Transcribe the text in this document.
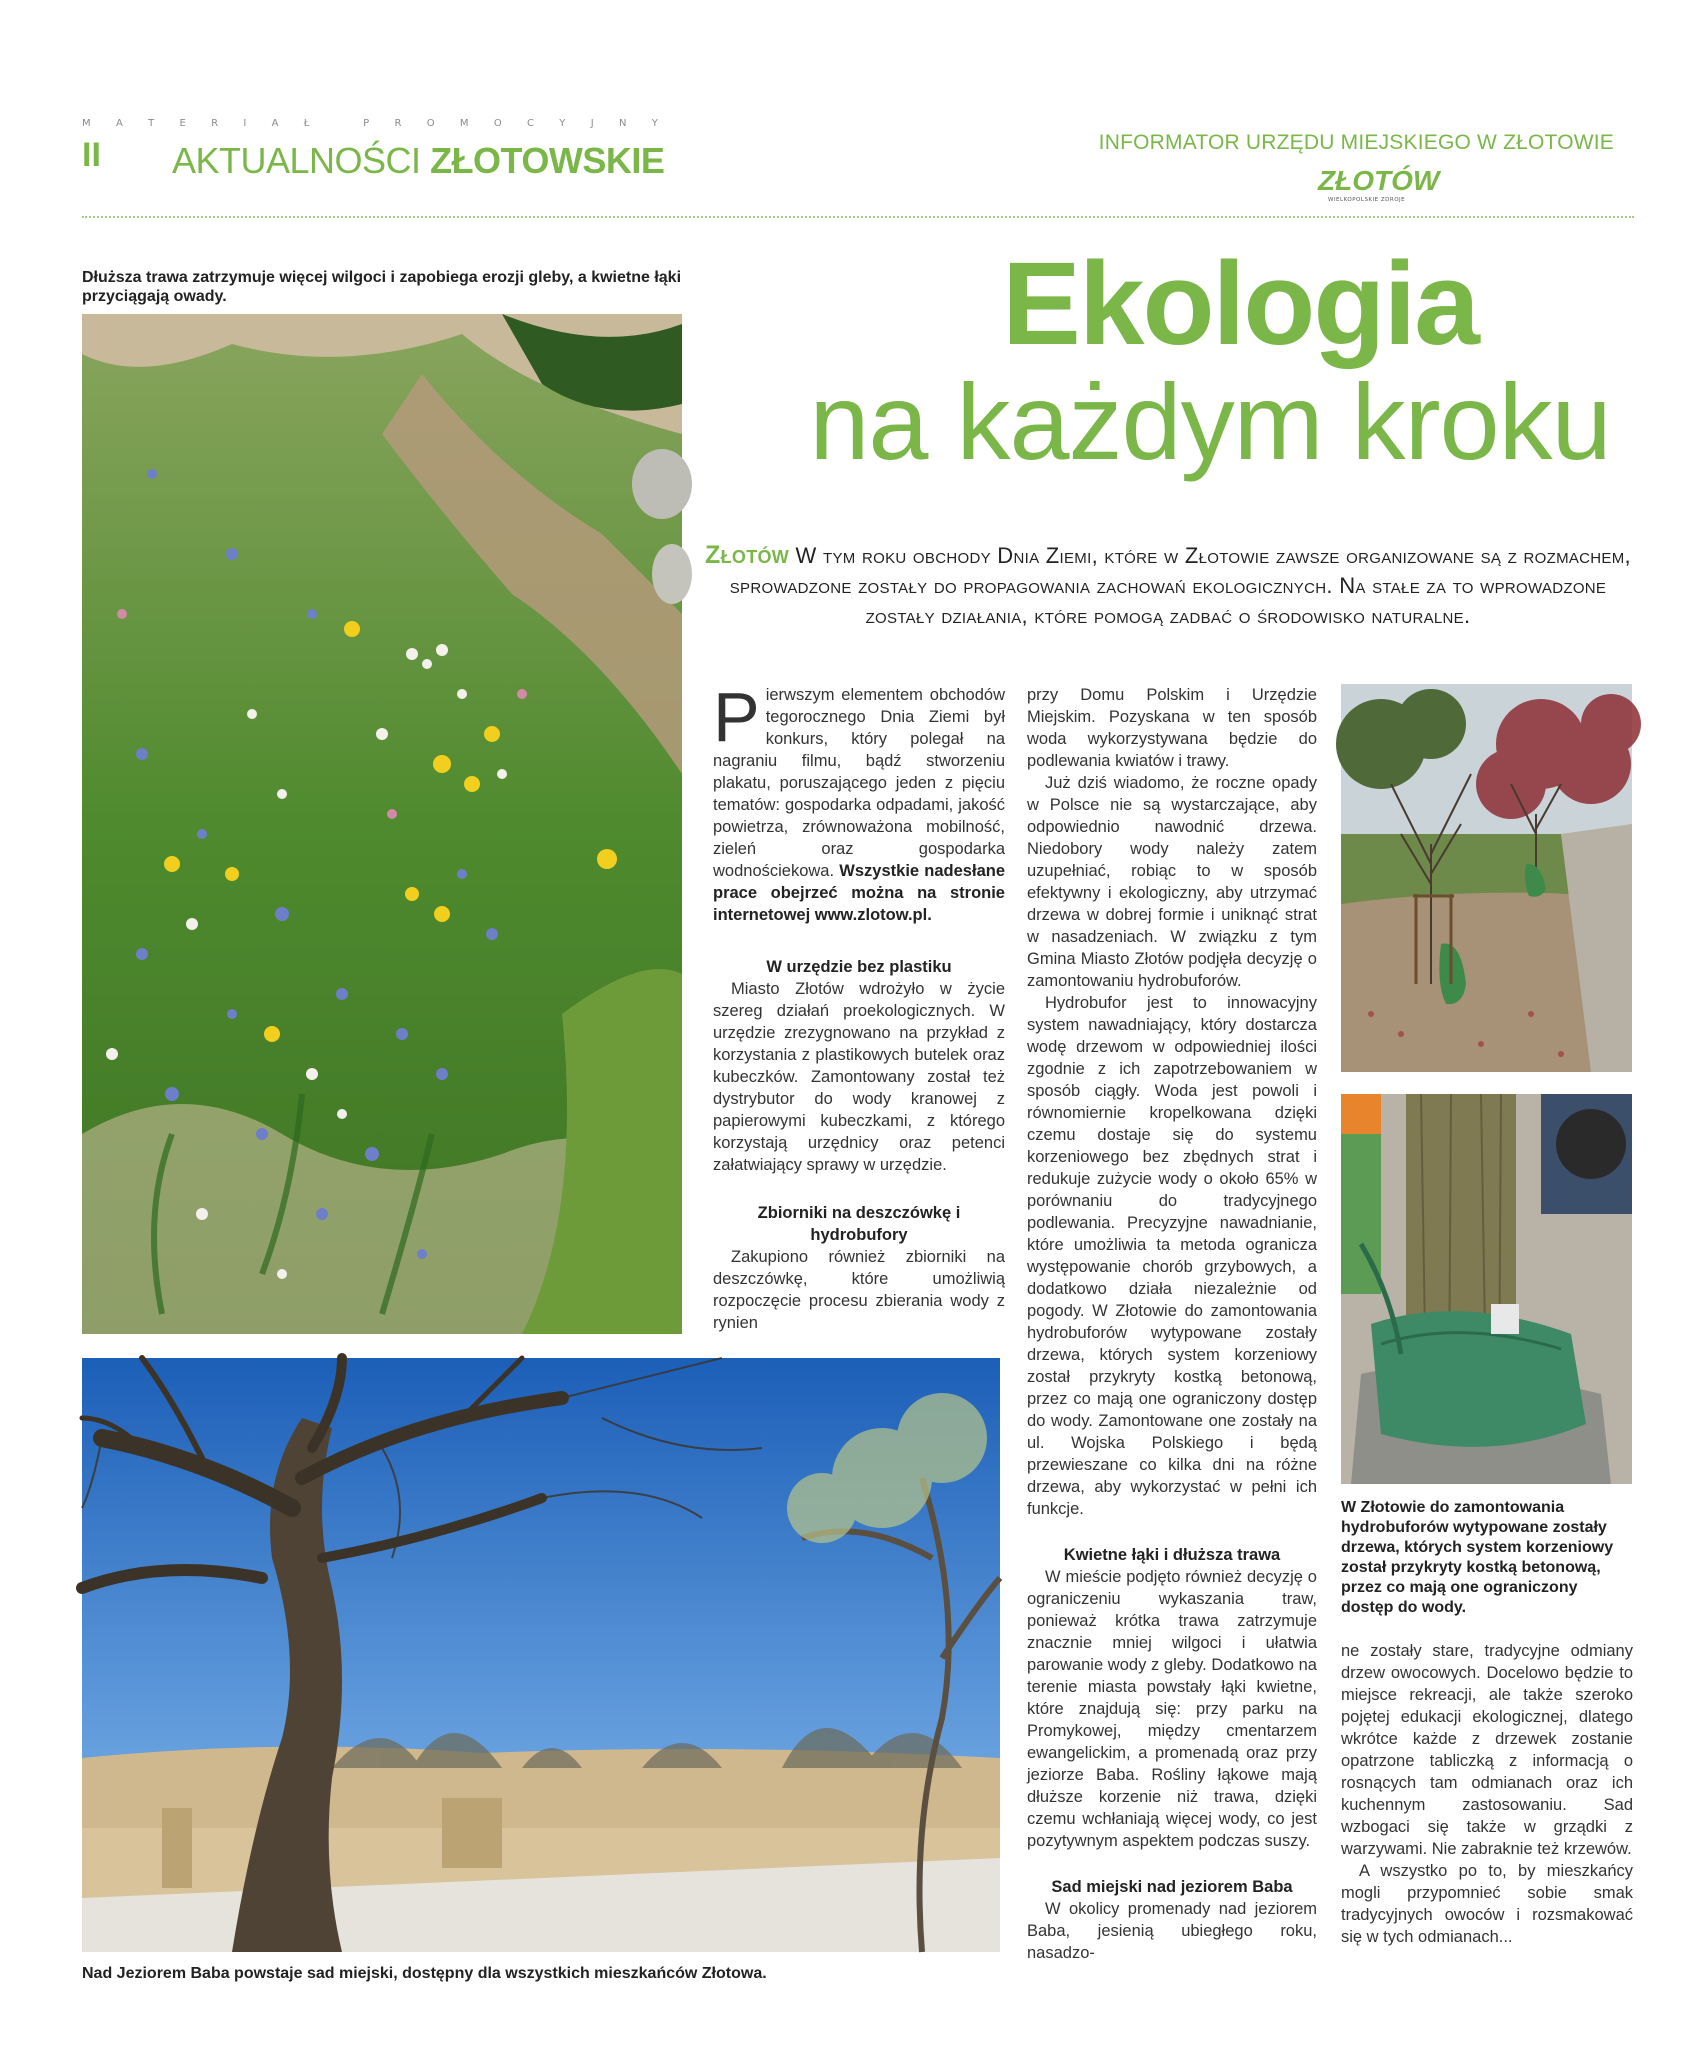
M	A	T	E	R	I	A	Ł
	P	R	O	M	O	C	Y	J	N	Y
II AKTUALNOŚCI ZŁOTOWSKIE	INFORMATOR URZĘDU MIEJSKIEGO W ZŁOTOWIE
ZŁOTÓW
WIELKOPOLSKIE ZDROJE
Dłuższa trawa zatrzymuje więcej wilgoci i zapobiega erozji gleby, a kwietne łąki przyciągają owady.	Ekologia
na każdym kroku
Złotów W tym roku obchody Dnia Ziemi, które w Złotowie zawsze organizowane są z rozmachem, sprowadzone zostały do propagowania zachowań ekologicznych. Na stałe za to wprowadzone zostały działania, które pomogą zadbać o środowisko naturalne.

Pierwszym elementem obchodów tegorocznego Dnia Ziemi był konkurs, który polegał na nagraniu filmu, bądź stworzeniu plakatu, poruszającego jeden z pięciu tematów: gospodarka odpadami, jakość powietrza, zrównoważona mobilność, zieleń oraz gospodarka wodnościekowa. Wszystkie nadesłane prace obejrzeć można na stronie internetowej www.zlotow.pl.

W urzędzie bez plastiku

Miasto Złotów wdrożyło w życie szereg działań proekologicznych. W urzędzie zrezygnowano na przykład z korzystania z plastikowych butelek oraz kubeczków. Zamontowany został też dystrybutor do wody kranowej z papierowymi kubeczkami, z którego korzystają urzędnicy oraz petenci załatwiający sprawy w urzędzie.

Zbiorniki na deszczówkę i hydrobufory

Zakupiono również zbiorniki na deszczówkę, które umożliwią rozpoczęcie procesu zbierania wody z rynien

przy Domu Polskim i Urzędzie Miejskim. Pozyskana w ten sposób woda wykorzystywana będzie do podlewania kwiatów i trawy.

Już dziś wiadomo, że roczne opady w Polsce nie są wystarczające, aby odpowiednio nawodnić drzewa. Niedobory wody należy zatem uzupełniać, robiąc to w sposób efektywny i ekologiczny, aby utrzymać drzewa w dobrej formie i uniknąć strat w nasadzeniach. W związku z tym Gmina Miasto Złotów podjęła decyzję o zamontowaniu hydrobuforów.

Hydrobufor jest to innowacyjny system nawadniający, który dostarcza wodę drzewom w odpowiedniej ilości zgodnie z ich zapotrzebowaniem w sposób ciągły. Woda jest powoli i równomiernie kropelkowana dzięki czemu dostaje się do systemu korzeniowego bez zbędnych strat i redukuje zużycie wody o około 65% w porównaniu do tradycyjnego podlewania. Precyzyjne nawadnianie, które umożliwia ta metoda ogranicza występowanie chorób grzybowych, a dodatkowo działa niezależnie od pogody. W Złotowie do zamontowania hydrobuforów wytypowane zostały drzewa, których system korzeniowy został przykryty kostką betonową, przez co mają one ograniczony dostęp do wody. Zamontowane one zostały na ul. Wojska Polskiego i będą przewieszane co kilka dni na różne drzewa, aby wykorzystać w pełni ich funkcje.

Kwietne łąki i dłuższa trawa

W mieście podjęto również decyzję o ograniczeniu wykaszania traw, ponieważ krótka trawa zatrzymuje znacznie mniej wilgoci i ułatwia parowanie wody z gleby. Dodatkowo na terenie miasta powstały łąki kwietne, które znajdują się: przy parku na Promykowej, między cmentarzem ewangelickim, a promenadą oraz przy jeziorze Baba. Rośliny łąkowe mają dłuższe korzenie niż trawa, dzięki czemu wchłaniają więcej wody, co jest pozytywnym aspektem podczas suszy.

Sad miejski nad jeziorem Baba

W okolicy promenady nad jeziorem Baba, jesienią ubiegłego roku, nasadzo-

W Złotowie do zamontowania hydrobuforów wytypowane zostały drzewa, których system korzeniowy został przykryty kostką betonową, przez co mają one ograniczony dostęp do wody.

ne zostały stare, tradycyjne odmiany drzew owocowych. Docelowo będzie to miejsce rekreacji, ale także szeroko pojętej edukacji ekologicznej, dlatego wkrótce każde z drzewek zostanie opatrzone tabliczką z informacją o rosnących tam odmianach oraz ich kuchennym zastosowaniu. Sad wzbogaci się także w grządki z warzywami. Nie zabraknie też krzewów.

A wszystko po to, by mieszkańcy mogli przypomnieć sobie smak tradycyjnych owoców i rozsmakować się w tych odmianach...

Nad Jeziorem Baba powstaje sad miejski, dostępny dla wszystkich mieszkańców Złotowa.
